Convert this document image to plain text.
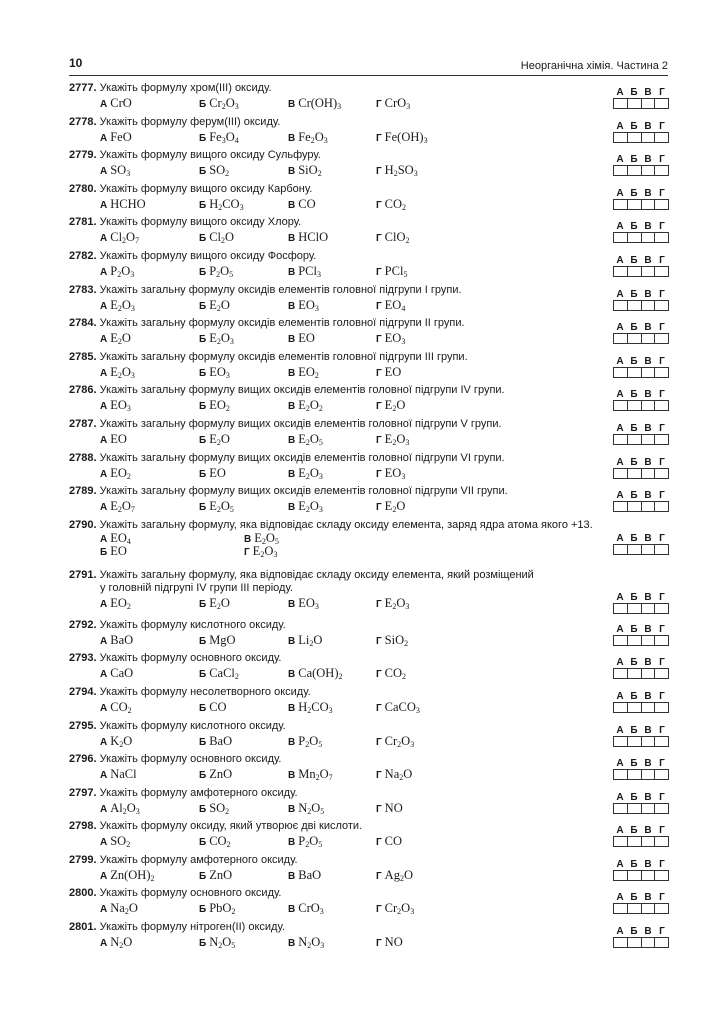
10	Неорганічна хімія. Частина 2
2777. Укажіть формулу хром(III) оксиду.
А CrO	Б $Cr_2O_3$	В $Cr(OH)_3$	Г CrO$_3$
А Б В Г
2778. Укажіть формулу ферум(III) оксиду.
А FeO	Б $Fe_3O_4$	В $Fe_2O_3$	Г $Fe(OH)_3$
А Б В Г
2779. Укажіть формулу вищого оксиду Сульфуру.
А $SO_3$	Б $SO_2$	В SiO$_2$	Г $H_2SO_3$
А Б В Г
2780. Укажіть формулу вищого оксиду Карбону.
А HCHO	Б $H_2CO_3$	В CO	Г $CO_2$
А Б В Г
2781. Укажіть формулу вищого оксиду Хлору.
А $Cl_2O_7$	Б $Cl_2O$	В HClO	Г ClO$_2$
А Б В Г
2782. Укажіть формулу вищого оксиду Фосфору.
А $P_2O_3$	Б $P_2O_5$	В PCl$_3$	Г PCl$_5$
А Б В Г
2783. Укажіть загальну формулу оксидів елементів головної підгрупи І групи.
А $E_2O_3$	Б $E_2O$	В $EO_3$	Г $EO_4$
А Б В Г
2784. Укажіть загальну формулу оксидів елементів головної підгрупи ІІ групи.
А $E_2O$	Б $E_2O_3$	В EO	Г $EO_3$
А Б В Г
2785. Укажіть загальну формулу оксидів елементів головної підгрупи ІІІ групи.
А $E_2O_3$	Б $EO_3$	В $EO_2$	Г EO
А Б В Г
2786. Укажіть загальну формулу вищих оксидів елементів головної підгрупи IV групи.
А $EO_3$	Б $EO_2$	В $E_2O_2$	Г $E_2O$
А Б В Г
2787. Укажіть загальну формулу вищих оксидів елементів головної підгрупи V групи.
А EO	Б $E_2O$	В $E_2O_5$	Г $E_2O_3$
А Б В Г
2788. Укажіть загальну формулу вищих оксидів елементів головної підгрупи VI групи.
А $EO_2$	Б EO	В $E_2O_3$	Г $EO_3$
А Б В Г
2789. Укажіть загальну формулу вищих оксидів елементів головної підгрупи VII групи.
А $E_2O_7$	Б $E_2O_5$	В $E_2O_3$	Г $E_2O$
А Б В Г
2790. Укажіть загальну формулу, яка відповідає складу оксиду елемента, заряд ядра атома якого +13.
А $EO_4$	В $E_2O_5$
Б EO	Г $E_2O_3$
А Б В Г
2791. Укажіть загальну формулу, яка відповідає складу оксиду елемента, який розміщений
у головній підгрупі IV групи III періоду.
А $EO_2$	Б $E_2O$	В $EO_3$	Г $E_2O_3$
А Б В Г
2792. Укажіть формулу кислотного оксиду.
А BaO	Б MgO	В $Li_2O$	Г SiO$_2$
А Б В Г
2793. Укажіть формулу основного оксиду.
А CaO	Б CaCl$_2$	В $Ca(OH)_2$	Г $CO_2$
А Б В Г
2794. Укажіть формулу несолетворного оксиду.
А $CO_2$	Б CO	В $H_2CO_3$	Г CaCO$_3$
А Б В Г
2795. Укажіть формулу кислотного оксиду.
А $K_2O$	Б BaO	В $P_2O_5$	Г $Cr_2O_3$
А Б В Г
2796. Укажіть формулу основного оксиду.
А NaCl	Б ZnO	В $Mn_2O_7$	Г $Na_2O$
А Б В Г
2797. Укажіть формулу амфотерного оксиду.
А $Al_2O_3$	Б $SO_2$	В $N_2O_5$	Г NO
А Б В Г
2798. Укажіть формулу оксиду, який утворює дві кислоти.
А $SO_2$	Б $CO_2$	В $P_2O_5$	Г CO
А Б В Г
2799. Укажіть формулу амфотерного оксиду.
А $Zn(OH)_2$	Б ZnO	В BaO	Г $Ag_2O$
А Б В Г
2800. Укажіть формулу основного оксиду.
А $Na_2O$	Б PbO$_2$	В CrO$_3$	Г $Cr_2O_3$
А Б В Г
2801. Укажіть формулу нітроген(ІІ) оксиду.
А $N_2O$	Б $N_2O_5$	В $N_2O_3$	Г NO
А Б В Г
